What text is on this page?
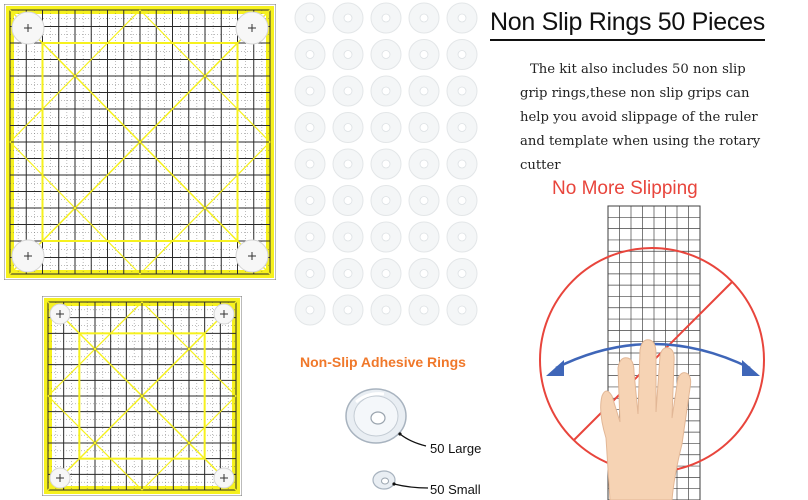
Non Slip Rings 50 Pieces
The kit also includes 50 non slip grip rings,these non slip grips can help you avoid slippage of the ruler and template when using the rotary cutter
No More Slipping
Non-Slip Adhesive Rings
50 Large
50 Small
